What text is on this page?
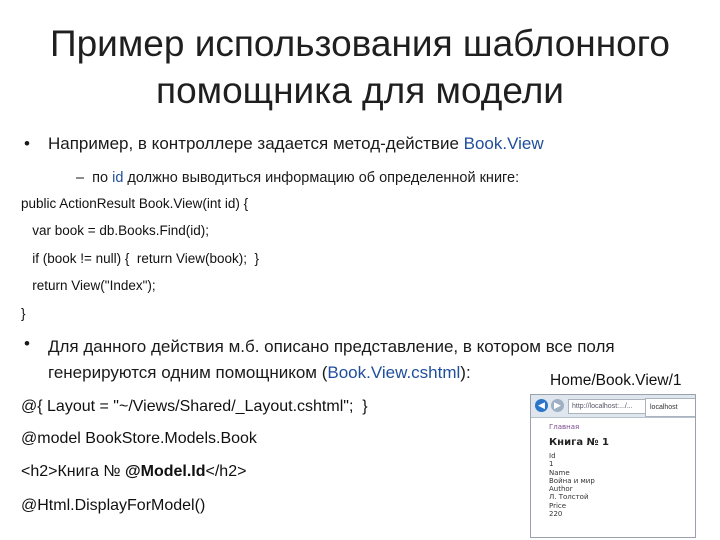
Пример использования шаблонного
помощника для модели
• Например, в контроллере задается метод-действие Book.View
– по id должно выводиться информацию об определенной книге:
public ActionResult Book.View(int id) {
var book = db.Books.Find(id);
if (book != null) {  return View(book);  }
return View("Index");
}
• Для данного действия м.б. описано представление, в котором все поля
генерируются одним помощником (Book.View.cshtml):	Home/Book.View/1
@{ Layout = "~/Views/Shared/_Layout.cshtml";  }
@model BookStore.Models.Book
<h2>Книга № @Model.Id</h2>
@Html.DisplayForModel()
◀	▶	http://localhost:.../...	localhost
Главная
Книга № 1
Id
1
Name
Война и мир
Author
Л. Толстой
Price
220
